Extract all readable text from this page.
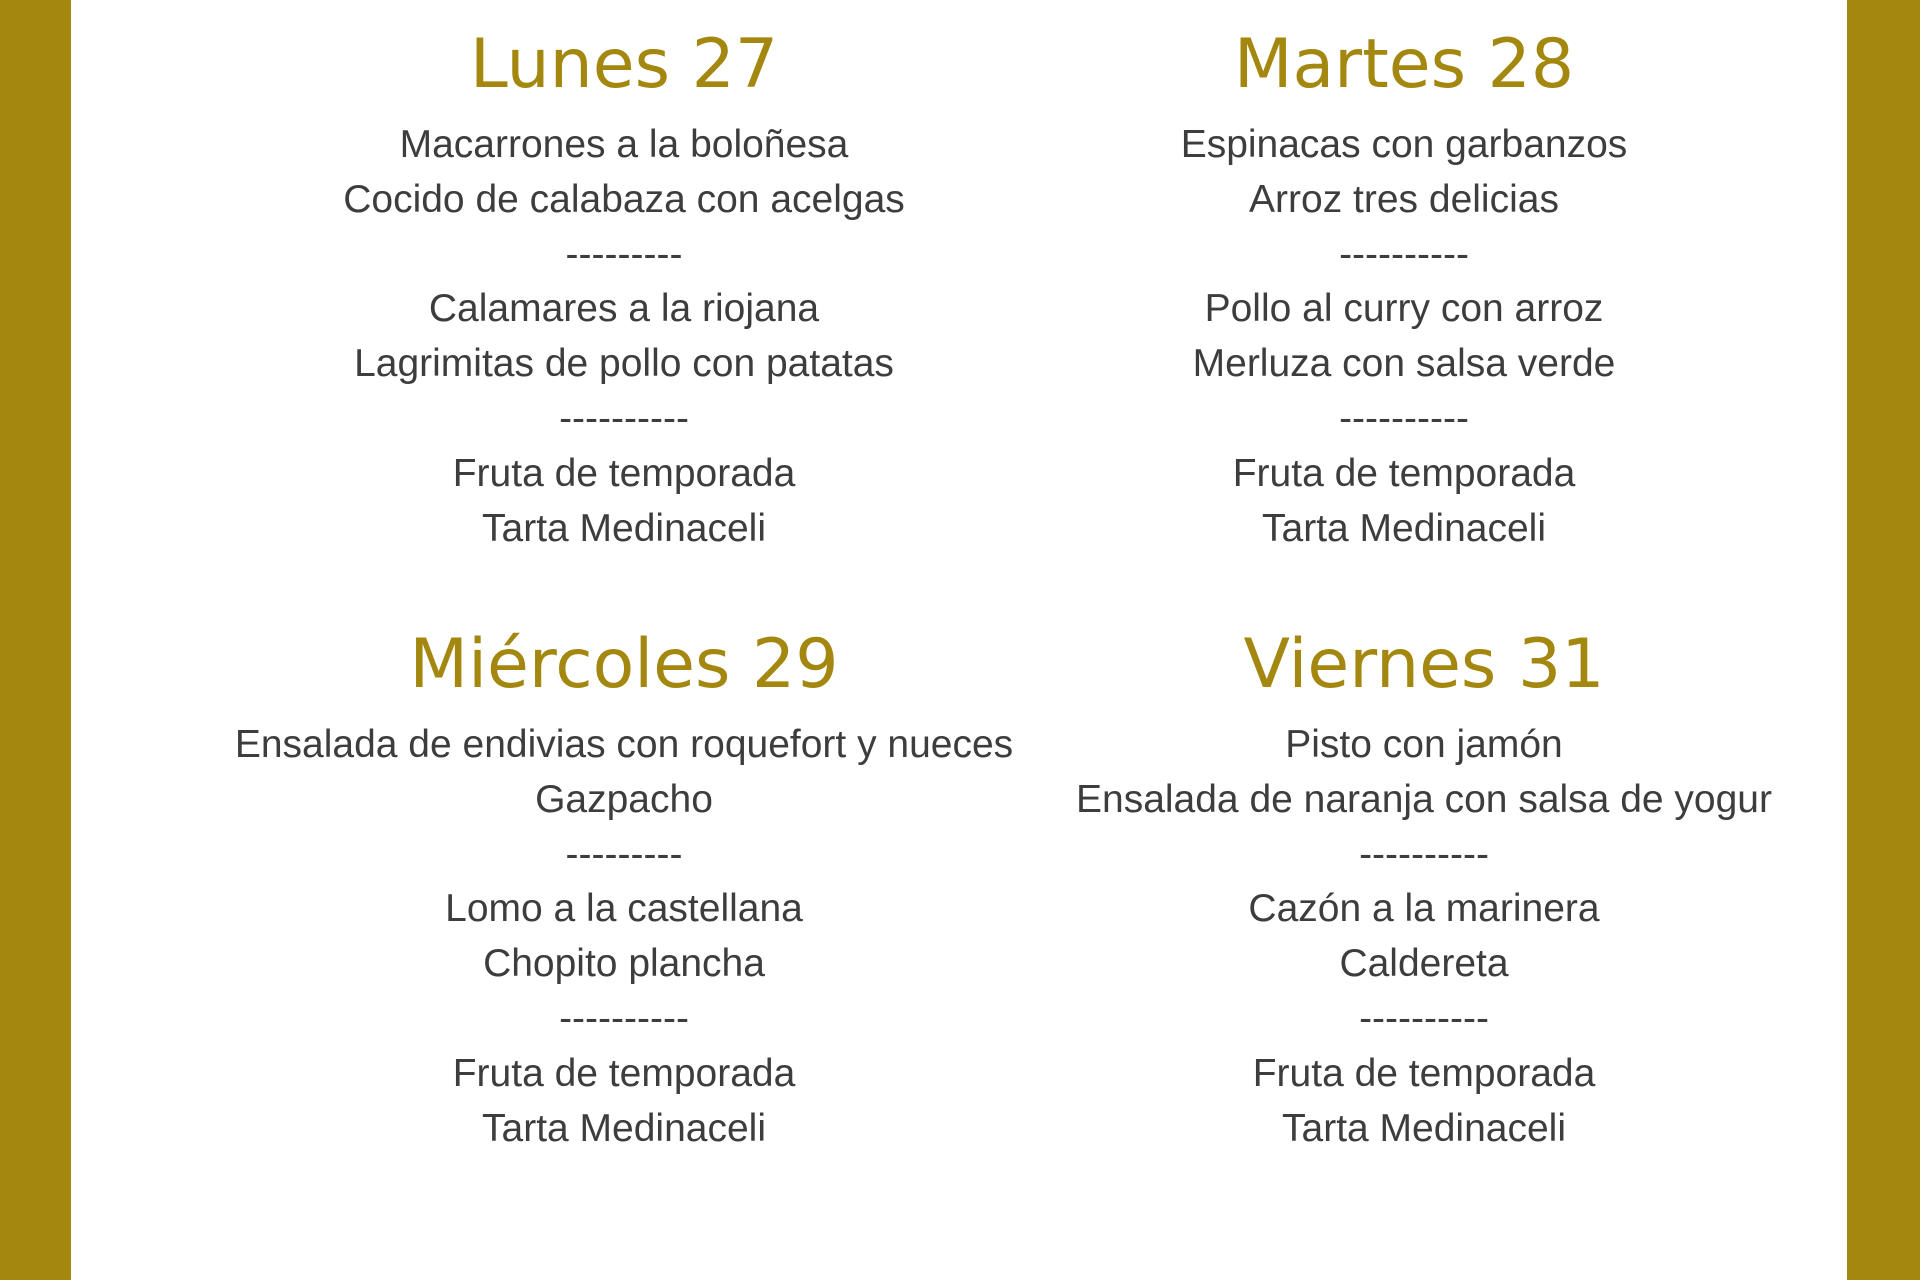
Lunes 27
Macarrones a la boloñesa
Cocido de calabaza con acelgas
---------
Calamares a la riojana
Lagrimitas de pollo con patatas
----------
Fruta de temporada
Tarta Medinaceli
Martes 28
Espinacas con garbanzos
Arroz tres delicias
----------
Pollo al curry con arroz
Merluza con salsa verde
----------
Fruta de temporada
Tarta Medinaceli
Miércoles 29
Ensalada de endivias con roquefort y nueces
Gazpacho
---------
Lomo a la castellana
Chopito plancha
----------
Fruta de temporada
Tarta Medinaceli
Viernes 31
Pisto con jamón
Ensalada de naranja con salsa de yogur
----------
Cazón a la marinera
Caldereta
----------
Fruta de temporada
Tarta Medinaceli
